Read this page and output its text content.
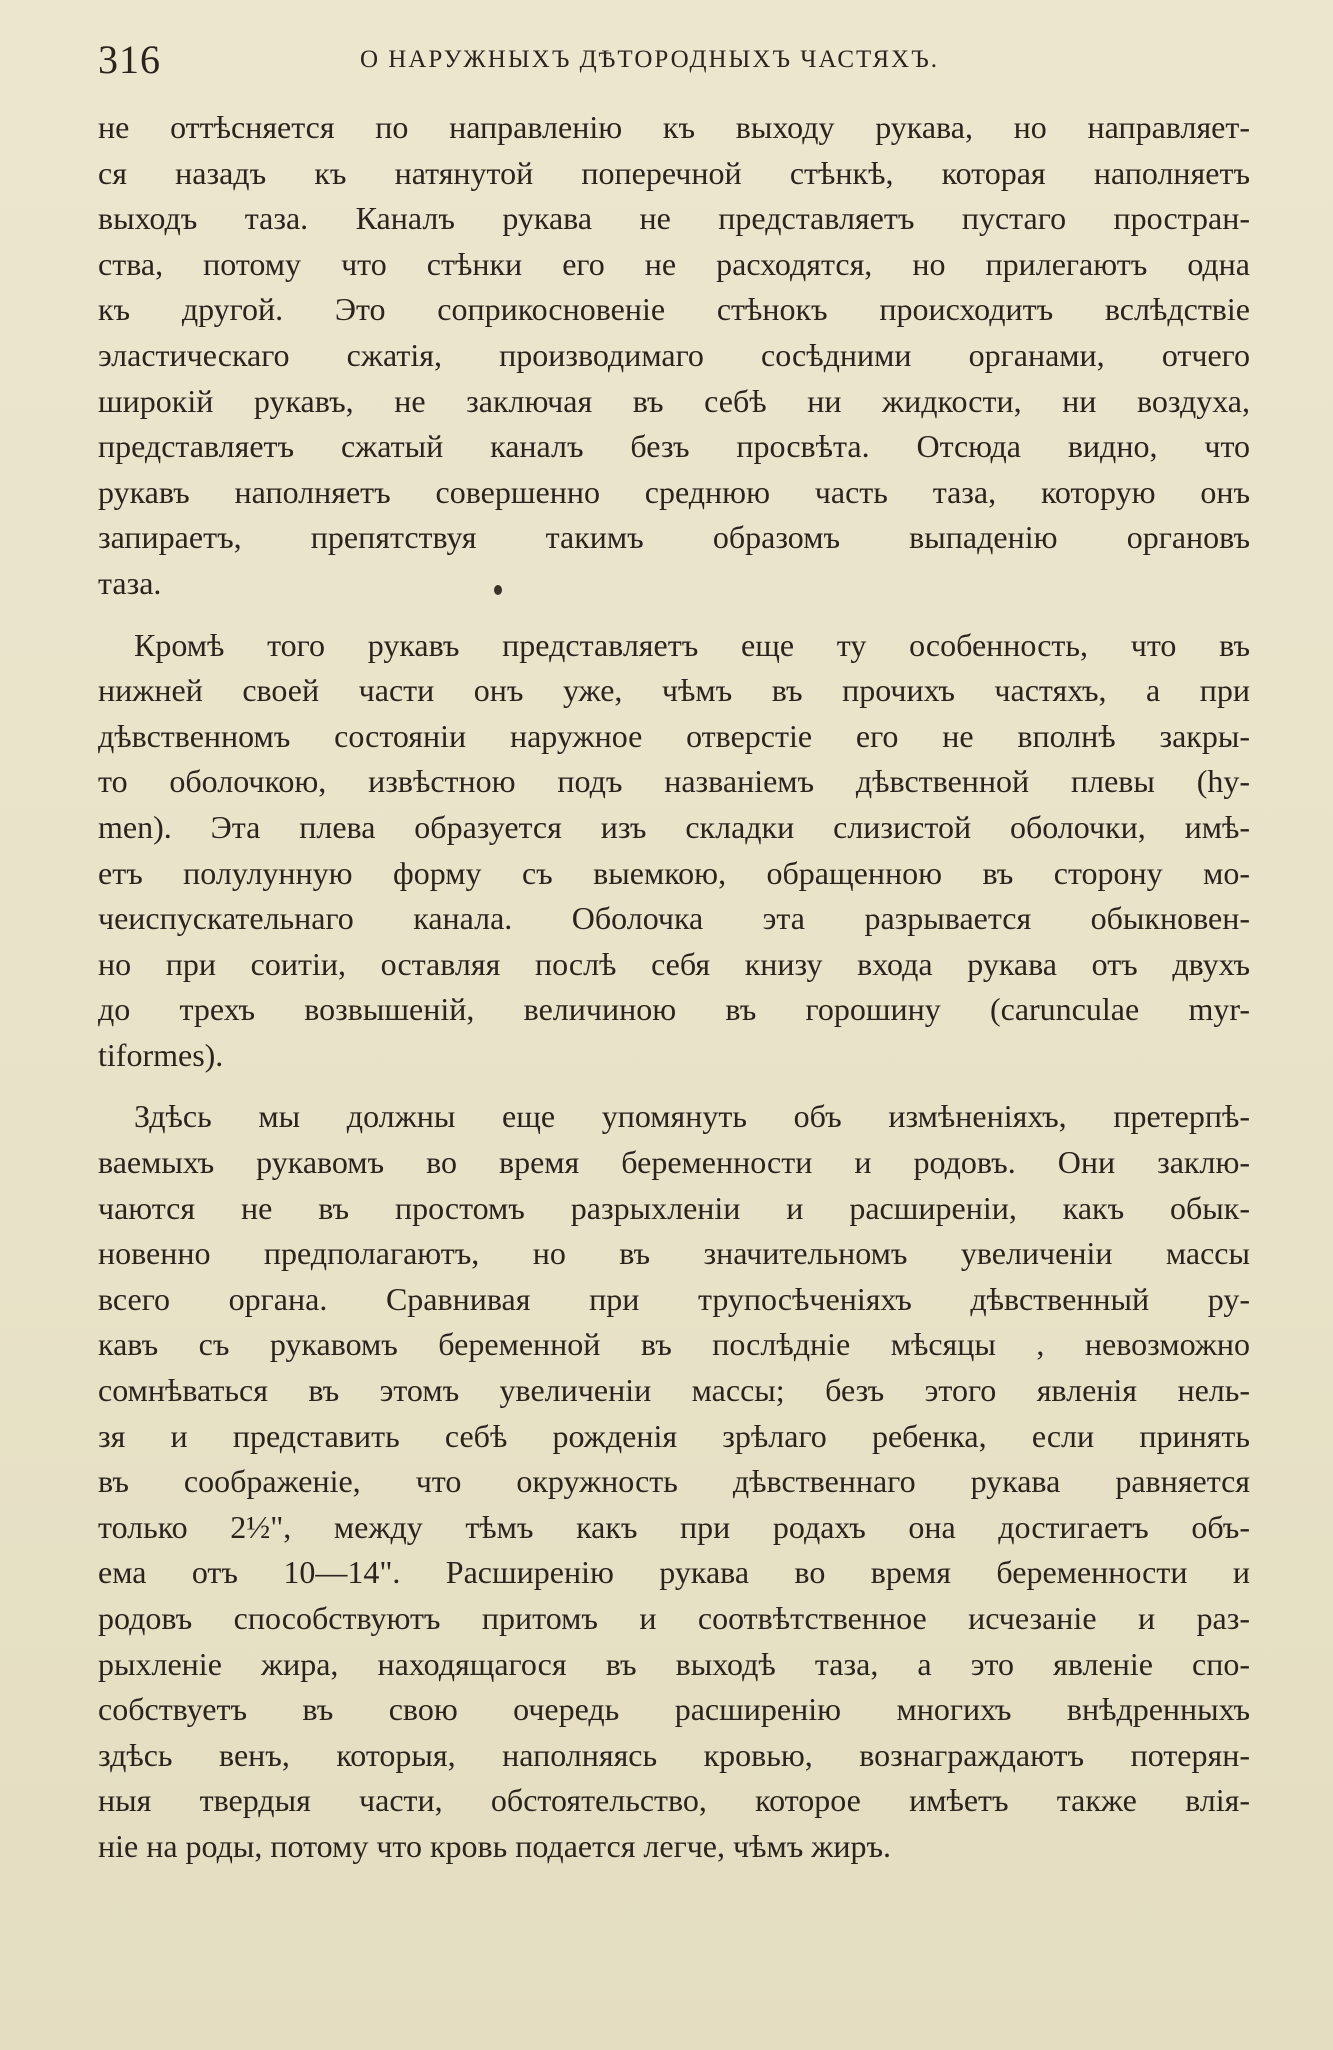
316	О НАРУЖНЫХЪ ДѢТОРОДНЫХЪ ЧАСТЯХЪ.
не оттѣсняется по направленію къ выходу рукава, но направляет-
ся назадъ къ натянутой поперечной стѣнкѣ, которая наполняетъ
выходъ таза. Каналъ рукава не представляетъ пустаго простран-
ства, потому что стѣнки его не расходятся, но прилегаютъ одна
къ другой. Это соприкосновеніе стѣнокъ происходитъ вслѣдствіе
эластическаго сжатія, производимаго сосѣдними органами, отчего
широкій рукавъ, не заключая въ себѣ ни жидкости, ни воздуха,
представляетъ сжатый каналъ безъ просвѣта. Отсюда видно, что
рукавъ наполняетъ совершенно среднюю часть таза, которую онъ
запираетъ, препятствуя такимъ образомъ выпаденію органовъ
таза.
Кромѣ того рукавъ представляетъ еще ту особенность, что въ
нижней своей части онъ уже, чѣмъ въ прочихъ частяхъ, а при
дѣвственномъ состояніи наружное отверстіе его не вполнѣ закры-
то оболочкою, извѣстною подъ названіемъ дѣвственной плевы (hy-
men). Эта плева образуется изъ складки слизистой оболочки, имѣ-
етъ полулунную форму съ выемкою, обращенною въ сторону мо-
чеиспускательнаго канала. Оболочка эта разрывается обыкновен-
но при соитіи, оставляя послѣ себя книзу входа рукава отъ двухъ
до трехъ возвышеній, величиною въ горошину (carunculae myr-
tiformes).
Здѣсь мы должны еще упомянуть объ измѣненіяхъ, претерпѣ-
ваемыхъ рукавомъ во время беременности и родовъ. Они заклю-
чаются не въ простомъ разрыхленіи и расширеніи, какъ обык-
новенно предполагаютъ, но въ значительномъ увеличеніи массы
всего органа. Сравнивая при трупосѣченіяхъ дѣвственный ру-
кавъ съ рукавомъ беременной въ послѣдніе мѣсяцы , невозможно
сомнѣваться въ этомъ увеличеніи массы; безъ этого явленія нель-
зя и представить себѣ рожденія зрѣлаго ребенка, если принять
въ соображеніе, что окружность дѣвственнаго рукава равняется
только 2½", между тѣмъ какъ при родахъ она достигаетъ объ-
ема отъ 10—14". Расширенію рукава во время беременности и
родовъ способствуютъ притомъ и соотвѣтственное исчезаніе и раз-
рыхленіе жира, находящагося въ выходѣ таза, а это явленіе спо-
собствуетъ въ свою очередь расширенію многихъ внѣдренныхъ
здѣсь венъ, которыя, наполняясь кровью, вознаграждаютъ потерян-
ныя твердыя части, обстоятельство, которое имѣетъ также влія-
ніе на роды, потому что кровь подается легче, чѣмъ жиръ.
